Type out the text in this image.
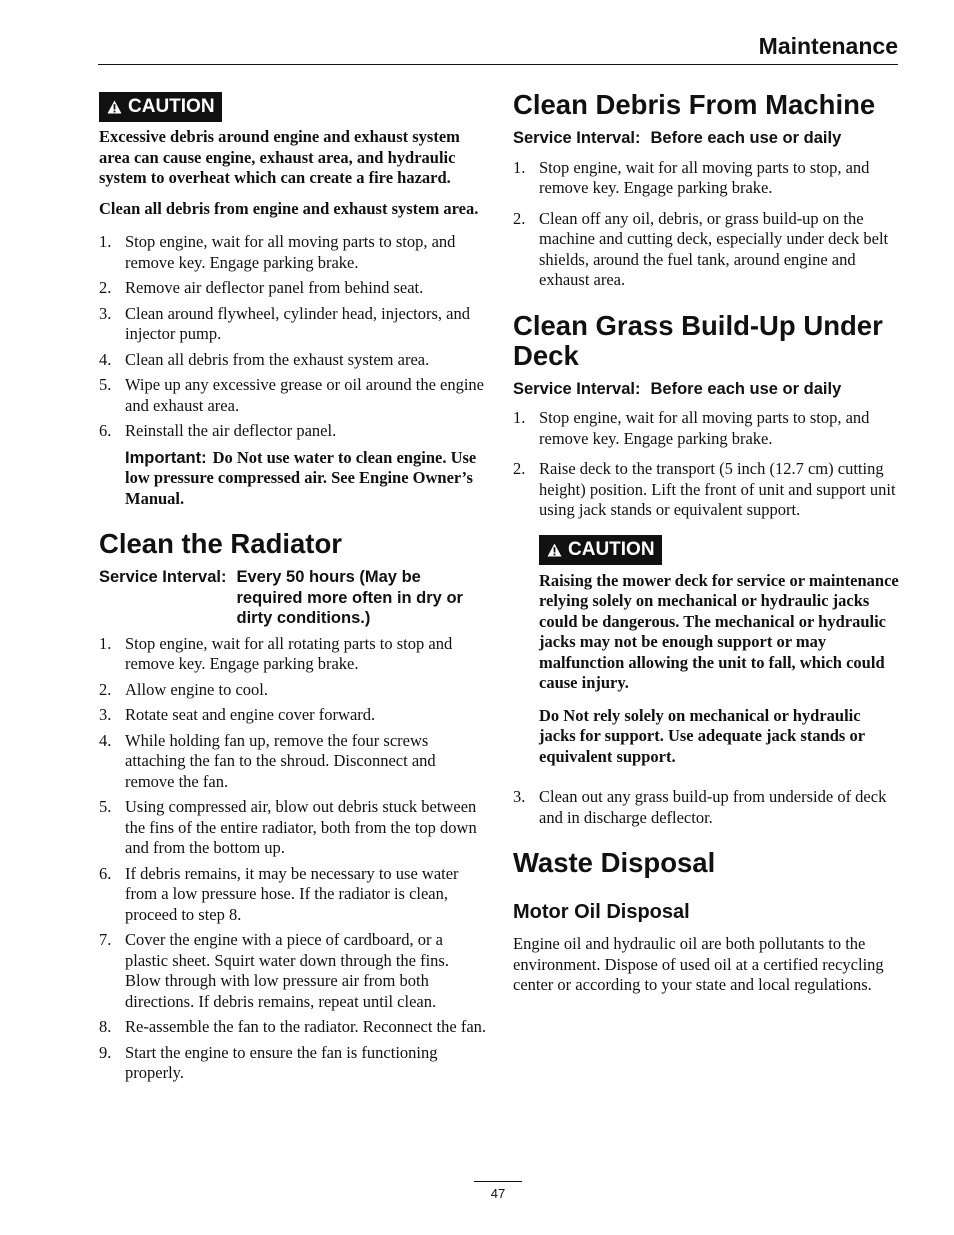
Maintenance
CAUTION

Excessive debris around engine and exhaust system area can cause engine, exhaust area, and hydraulic system to overheat which can create a fire hazard.

Clean all debris from engine and exhaust system area.

1. Stop engine, wait for all moving parts to stop, and remove key. Engage parking brake.
2. Remove air deflector panel from behind seat.
3. Clean around flywheel, cylinder head, injectors, and injector pump.
4. Clean all debris from the exhaust system area.
5. Wipe up any excessive grease or oil around the engine and exhaust area.
6. Reinstall the air deflector panel.

Important: Do Not use water to clean engine. Use low pressure compressed air. See Engine Owner’s Manual.

Clean the Radiator
Service Interval: Every 50 hours (May be required more often in dry or dirty conditions.)
1. Stop engine, wait for all rotating parts to stop and remove key. Engage parking brake.
2. Allow engine to cool.
3. Rotate seat and engine cover forward.
4. While holding fan up, remove the four screws attaching the fan to the shroud. Disconnect and remove the fan.
5. Using compressed air, blow out debris stuck between the fins of the entire radiator, both from the top down and from the bottom up.
6. If debris remains, it may be necessary to use water from a low pressure hose. If the radiator is clean, proceed to step 8.
7. Cover the engine with a piece of cardboard, or a plastic sheet. Squirt water down through the fins. Blow through with low pressure air from both directions. If debris remains, repeat until clean.
8. Re-assemble the fan to the radiator. Reconnect the fan.
9. Start the engine to ensure the fan is functioning properly.
Clean Debris From Machine
Service Interval: Before each use or daily
1. Stop engine, wait for all moving parts to stop, and remove key. Engage parking brake.
2. Clean off any oil, debris, or grass build-up on the machine and cutting deck, especially under deck belt shields, around the fuel tank, around engine and exhaust area.
Clean Grass Build-Up Under Deck
Service Interval: Before each use or daily
1. Stop engine, wait for all moving parts to stop, and remove key. Engage parking brake.
2. Raise deck to the transport (5 inch (12.7 cm) cutting height) position. Lift the front of unit and support unit using jack stands or equivalent support.
CAUTION

Raising the mower deck for service or maintenance relying solely on mechanical or hydraulic jacks could be dangerous. The mechanical or hydraulic jacks may not be enough support or may malfunction allowing the unit to fall, which could cause injury.

Do Not rely solely on mechanical or hydraulic jacks for support. Use adequate jack stands or equivalent support.

3. Clean out any grass build-up from underside of deck and in discharge deflector.
Waste Disposal
Motor Oil Disposal

Engine oil and hydraulic oil are both pollutants to the environment. Dispose of used oil at a certified recycling center or according to your state and local regulations.

47
